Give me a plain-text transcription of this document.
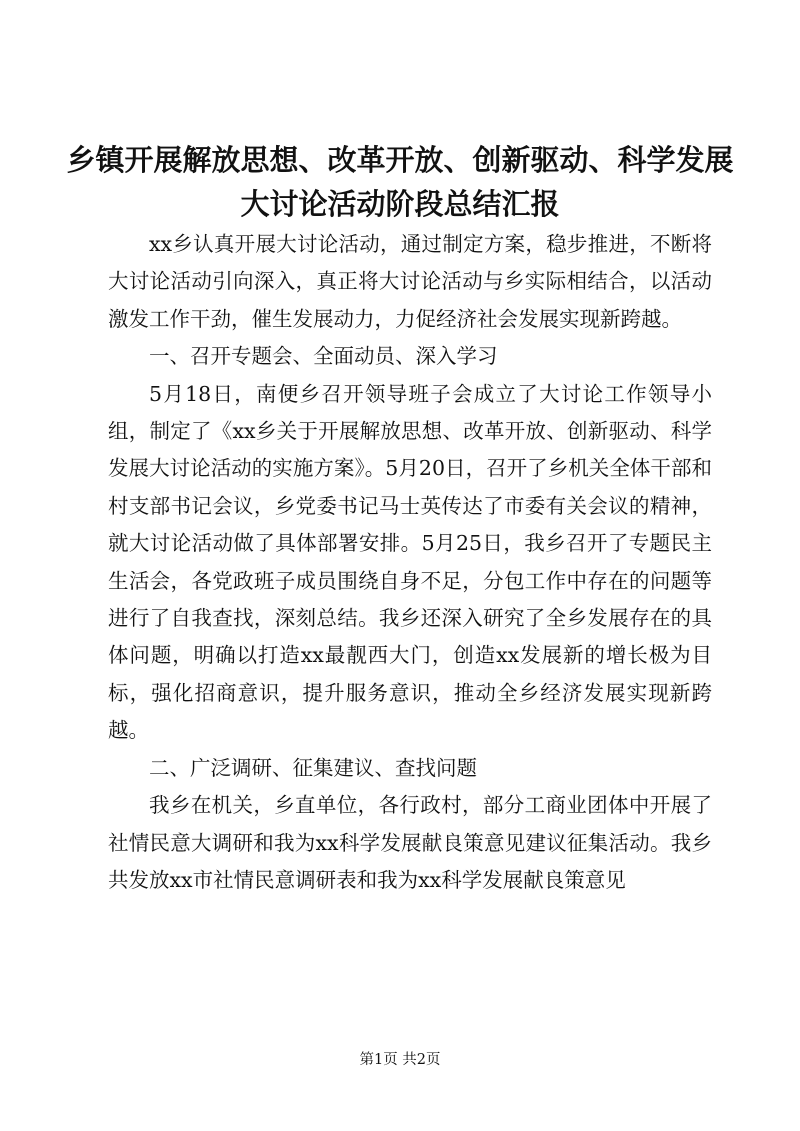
乡镇开展解放思想、改革开放、创新驱动、科学发展大讨论活动阶段总结汇报

xx乡认真开展大讨论活动，通过制定方案，稳步推进，不断将大讨论活动引向深入，真正将大讨论活动与乡实际相结合，以活动激发工作干劲，催生发展动力，力促经济社会发展实现新跨越。

一、召开专题会、全面动员、深入学习

5月18日，南便乡召开领导班子会成立了大讨论工作领导小组，制定了《xx乡关于开展解放思想、改革开放、创新驱动、科学发展大讨论活动的实施方案》。5月20日，召开了乡机关全体干部和村支部书记会议，乡党委书记马士英传达了市委有关会议的精神，就大讨论活动做了具体部署安排。5月25日，我乡召开了专题民主生活会，各党政班子成员围绕自身不足，分包工作中存在的问题等进行了自我查找，深刻总结。我乡还深入研究了全乡发展存在的具体问题，明确以打造xx最靓西大门，创造xx发展新的增长极为目标，强化招商意识，提升服务意识，推动全乡经济发展实现新跨越。

二、广泛调研、征集建议、查找问题

我乡在机关，乡直单位，各行政村，部分工商业团体中开展了社情民意大调研和我为xx科学发展献良策意见建议征集活动。我乡共发放xx市社情民意调研表和我为xx科学发展献良策意见

第1页 共2页
